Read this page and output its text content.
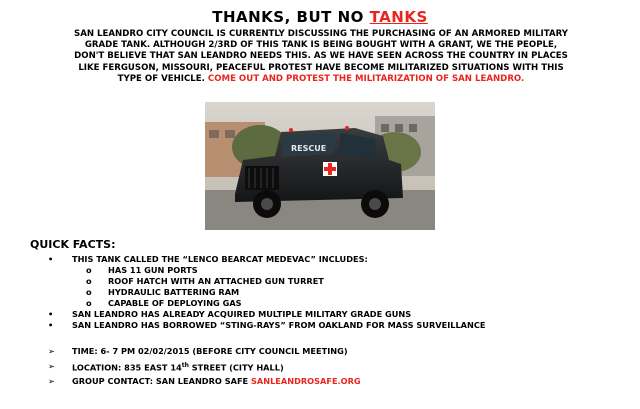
THANKS, BUT NO TANKS
SAN LEANDRO CITY COUNCIL IS CURRENTLY DISCUSSING THE PURCHASING OF AN ARMORED MILITARY
GRADE TANK. ALTHOUGH 2/3RD OF THIS TANK IS BEING BOUGHT WITH A GRANT, WE THE PEOPLE,
DON'T BELIEVE THAT SAN LEANDRO NEEDS THIS. AS WE HAVE SEEN ACROSS THE COUNTRY IN PLACES
LIKE FERGUSON, MISSOURI, PEACEFUL PROTEST HAVE BECOME MILITARIZED SITUATIONS WITH THIS
TYPE OF VEHICLE. COME OUT AND PROTEST THE MILITARIZATION OF SAN LEANDRO.
RESCUE
QUICK FACTS:
• THIS TANK CALLED THE “LENCO BEARCAT MEDEVAC” INCLUDES:
o HAS 11 GUN PORTS
o ROOF HATCH WITH AN ATTACHED GUN TURRET
o HYDRAULIC BATTERING RAM
o CAPABLE OF DEPLOYING GAS
• SAN LEANDRO HAS ALREADY ACQUIRED MULTIPLE MILITARY GRADE GUNS
• SAN LEANDRO HAS BORROWED “STING-RAYS” FROM OAKLAND FOR MASS SURVEILLANCE
➢ TIME: 6- 7 PM 02/02/2015 (BEFORE CITY COUNCIL MEETING)
➢ LOCATION: 835 EAST 14th STREET (CITY HALL)
➢ GROUP CONTACT: SAN LEANDRO SAFE SANLEANDROSAFE.ORG
